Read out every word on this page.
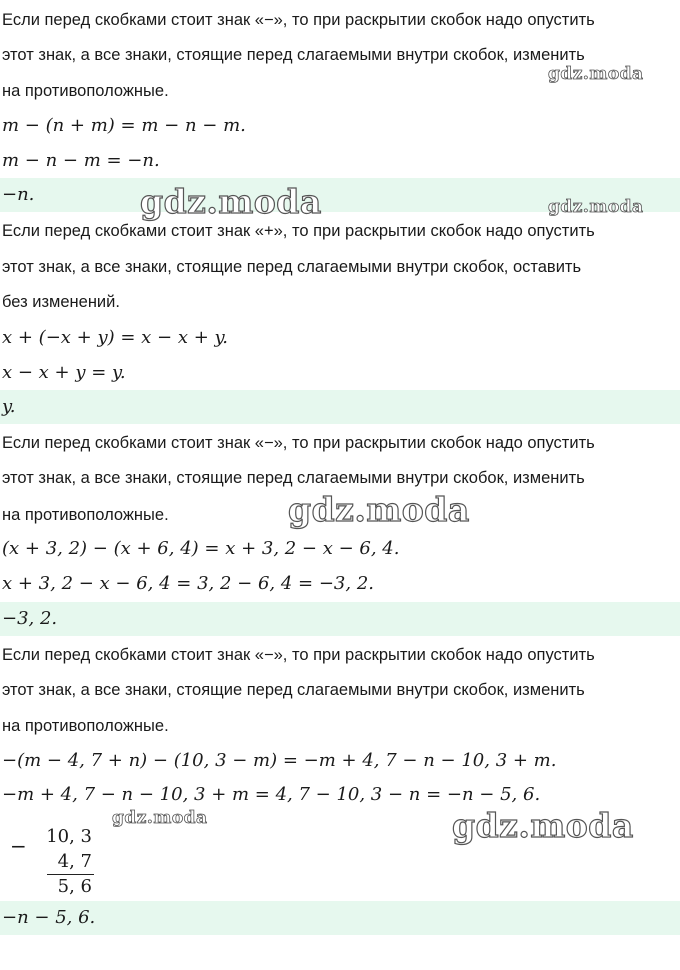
Если перед скобками стоит знак «−», то при раскрытии скобок надо опустить
этот знак, а все знаки, стоящие перед слагаемыми внутри скобок, изменить
на противоположные.
m − (n + m) = m − n − m.
m − n − m = −n.
−n.
Если перед скобками стоит знак «+», то при раскрытии скобок надо опустить
этот знак, а все знаки, стоящие перед слагаемыми внутри скобок, оставить
без изменений.
x + (−x + y) = x − x + y.
x − x + y = y.
y.
Если перед скобками стоит знак «−», то при раскрытии скобок надо опустить
этот знак, а все знаки, стоящие перед слагаемыми внутри скобок, изменить
на противоположные.
(x + 3, 2) − (x + 6, 4) = x + 3, 2 − x − 6, 4.
x + 3, 2 − x − 6, 4 = 3, 2 − 6, 4 = −3, 2.
−3, 2.
Если перед скобками стоит знак «−», то при раскрытии скобок надо опустить
этот знак, а все знаки, стоящие перед слагаемыми внутри скобок, изменить
на противоположные.
−(m − 4, 7 + n) − (10, 3 − m) = −m + 4, 7 − n − 10, 3 + m.
−m + 4, 7 − n − 10, 3 + m = 4, 7 − 10, 3 − n = −n − 5, 6.
−	10, 3
4, 7
5, 6
−n − 5, 6.
gdz.moda
gdz.moda	gdz.moda
gdz.moda
gdz.moda	gdz.moda
